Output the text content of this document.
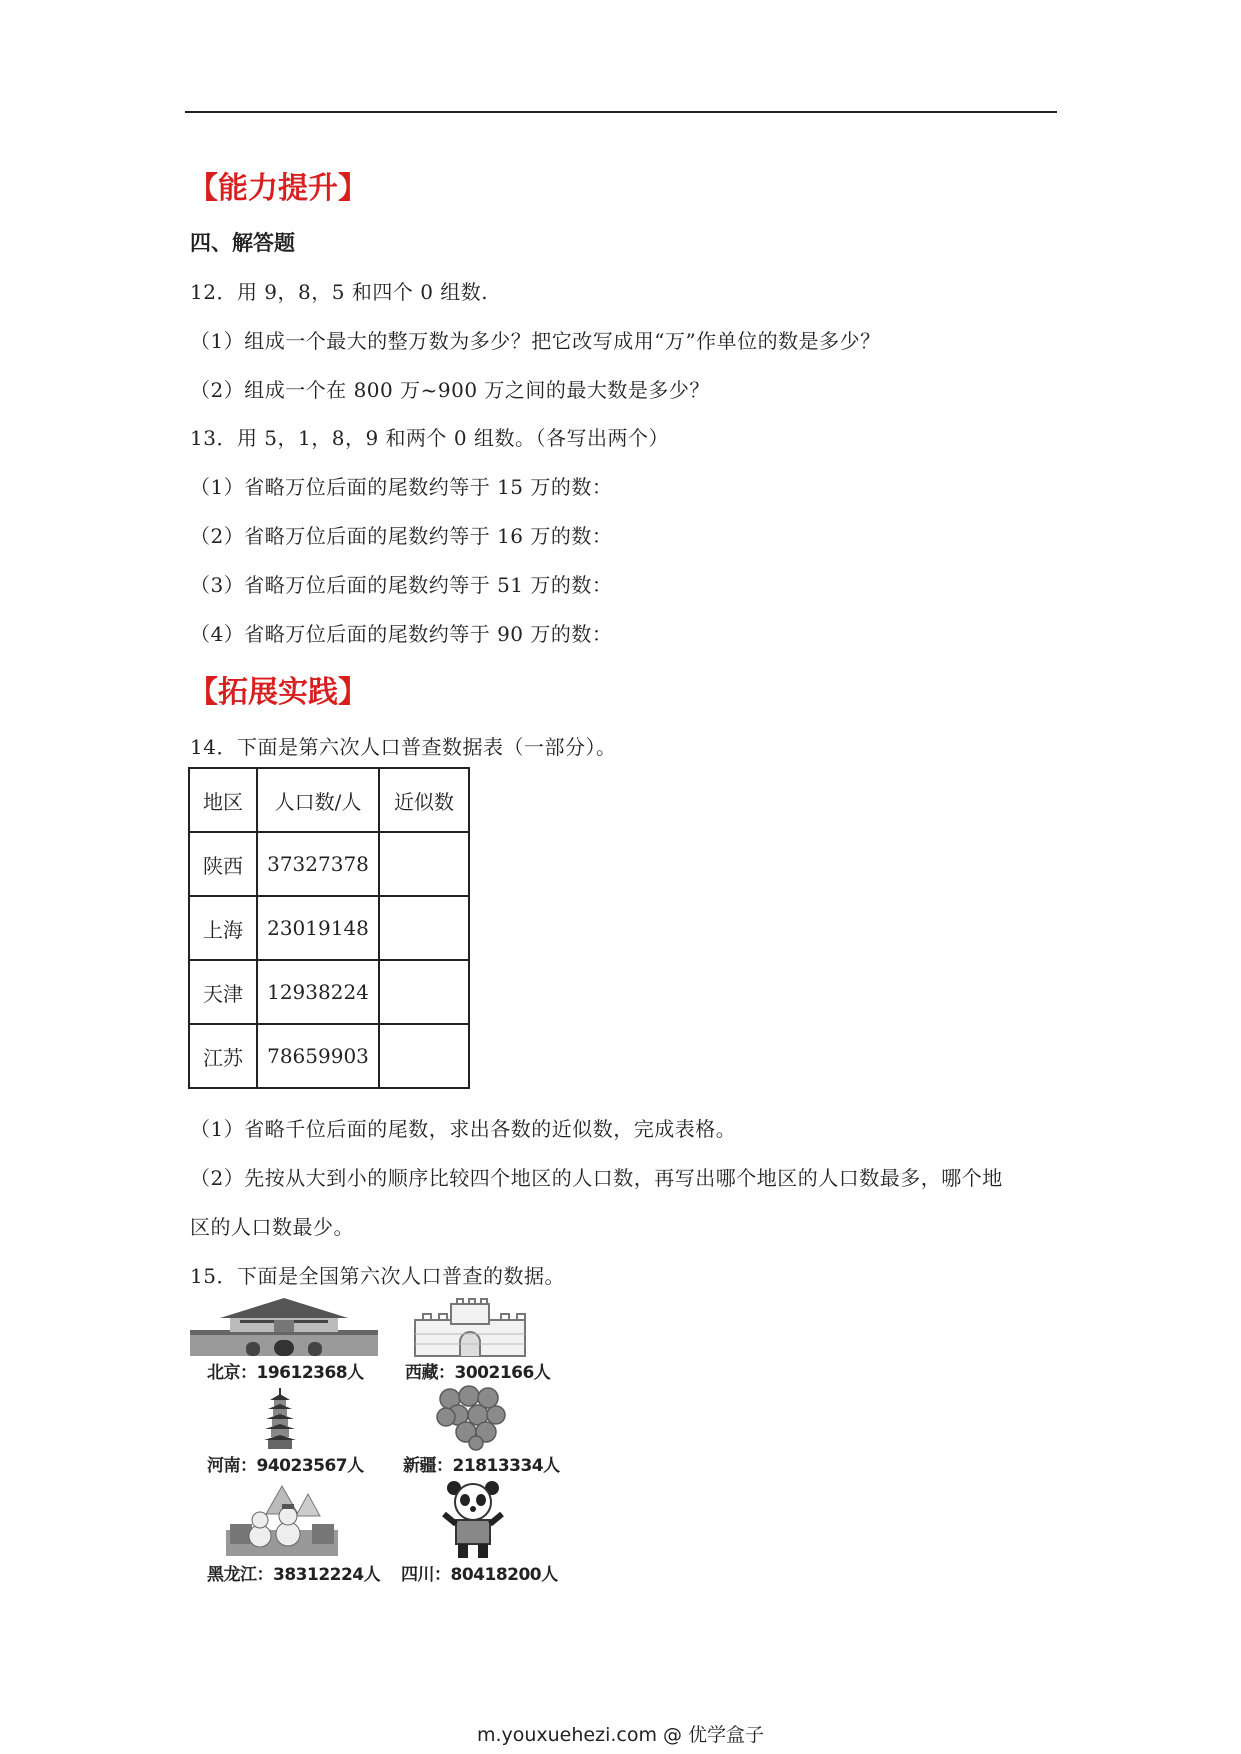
【能力提升】
四、解答题
12．用 9，8，5 和四个 0 组数.
（1）组成一个最大的整万数为多少？把它改写成用“万”作单位的数是多少？
（2）组成一个在 800 万~900 万之间的最大数是多少？
13．用 5，1，8，9 和两个 0 组数。（各写出两个）
（1）省略万位后面的尾数约等于 15 万的数：
（2）省略万位后面的尾数约等于 16 万的数：
（3）省略万位后面的尾数约等于 51 万的数：
（4）省略万位后面的尾数约等于 90 万的数：
【拓展实践】
14．下面是第六次人口普查数据表（一部分）。
地区	人口数/人	近似数
陕西	37327378	
上海	23019148	
天津	12938224	
江苏	78659903	
（1）省略千位后面的尾数，求出各数的近似数，完成表格。
（2）先按从大到小的顺序比较四个地区的人口数，再写出哪个地区的人口数最多，哪个地
区的人口数最少。
15．下面是全国第六次人口普查的数据。
北京：19612368人 西藏：3002166人
河南：94023567人 新疆：21813334人
黑龙江：38312224人 四川：80418200人
m.youxuehezi.com @ 优学盒子
